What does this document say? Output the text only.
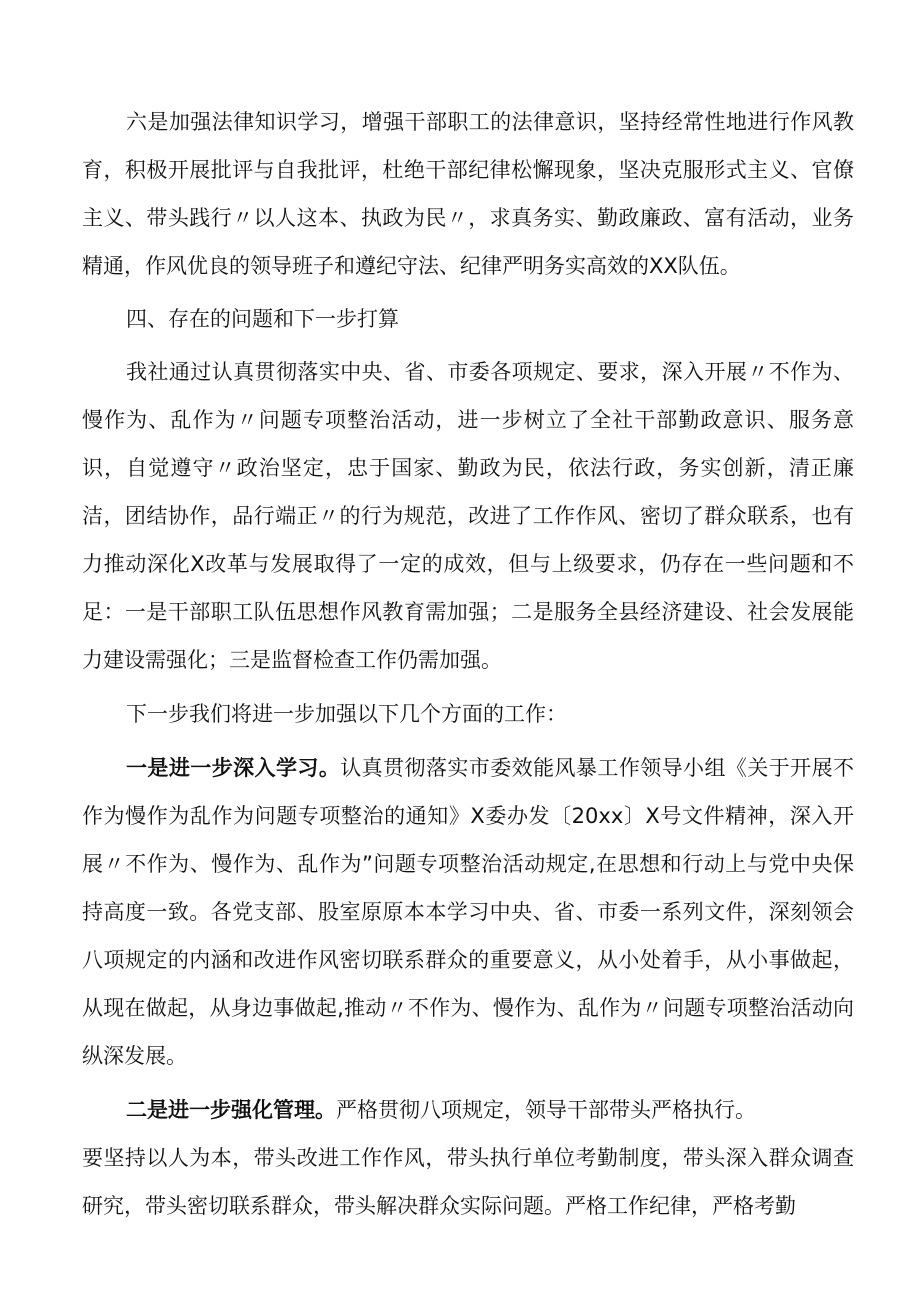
六是加强法律知识学习，增强干部职工的法律意识，坚持经常性地进行作风教育，积极开展批评与自我批评，杜绝干部纪律松懈现象，坚决克服形式主义、官僚主义、带头践行〃以人这本、执政为民〃，求真务实、勤政廉政、富有活动，业务精通，作风优良的领导班子和遵纪守法、纪律严明务实高效的XX队伍。

四、存在的问题和下一步打算

我社通过认真贯彻落实中央、省、市委各项规定、要求，深入开展〃不作为、慢作为、乱作为〃问题专项整治活动，进一步树立了全社干部勤政意识、服务意识，自觉遵守〃政治坚定，忠于国家、勤政为民，依法行政，务实创新，清正廉洁，团结协作，品行端正〃的行为规范，改进了工作作风、密切了群众联系，也有力推动深化X改革与发展取得了一定的成效，但与上级要求，仍存在一些问题和不足：一是干部职工队伍思想作风教育需加强；二是服务全县经济建设、社会发展能力建设需强化；三是监督检查工作仍需加强。

下一步我们将进一步加强以下几个方面的工作：

一是进一步深入学习。认真贯彻落实市委效能风暴工作领导小组《关于开展不作为慢作为乱作为问题专项整治的通知》X委办发〔20xx〕X号文件精神，深入开展〃不作为、慢作为、乱作为”问题专项整治活动规定,在思想和行动上与党中央保持高度一致。各党支部、股室原原本本学习中央、省、市委一系列文件，深刻领会八项规定的内涵和改进作风密切联系群众的重要意义，从小处着手，从小事做起，从现在做起，从身边事做起,推动〃不作为、慢作为、乱作为〃问题专项整治活动向纵深发展。

二是进一步强化管理。严格贯彻八项规定，领导干部带头严格执行。

要坚持以人为本，带头改进工作作风，带头执行单位考勤制度，带头深入群众调查研究，带头密切联系群众，带头解决群众实际问题。严格工作纪律，严格考勤
